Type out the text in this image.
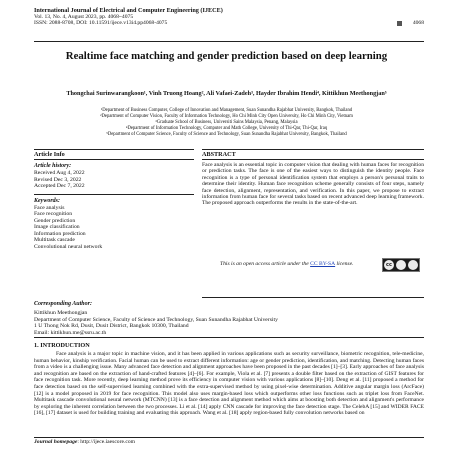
International Journal of Electrical and Computer Engineering (IJECE)
Vol. 13, No. 4, August 2023, pp. 4068~4075
ISSN: 2088-8708, DOI: 10.11591/ijece.v13i4.pp4068-4075	4068
Realtime face matching and gender prediction based on deep learning
Thongchai Surinwarangkoon¹, Vinh Truong Hoang², Ali Vafaei-Zadeh³, Hayder Ibrahim Hendi⁴, Kittikhun Meethongjan⁵
¹Department of Business Computer, College of Innovation and Management, Suan Sunandha Rajabhat University, Bangkok, Thailand
²Department of Computer Vision, Faculty of Information Technology, Ho Chi Minh City Open University, Ho Chi Minh City, Vietnam
³Graduate School of Business, Universiti Sains Malaysia, Penang, Malaysia
⁴Department of Information Technology, Computer and Math College, University of Thi-Qar, Thi-Qar, Iraq
⁵Department of Computer Science, Faculty of Science and Technology, Suan Sunandha Rajabhat University, Bangkok, Thailand
Article Info
Article history:
Received Aug 4, 2022
Revised Dec 3, 2022
Accepted Dec 7, 2022
Keywords:
Face analysis
Face recognition
Gender prediction
Image classification
Information prediction
Multitask cascade
Convolutional neural network
ABSTRACT
Face analysis is an essential topic in computer vision that dealing with human faces for recognition or prediction tasks. The face is one of the easiest ways to distinguish the identity people. Face recognition is a type of personal identification system that employs a person's personal traits to determine their identity. Human face recognition scheme generally consists of four steps, namely face detection, alignment, representation, and verification. In this paper, we propose to extract information from human face for several tasks based on recent advanced deep learning framework. The proposed approach outperforms the results in the state-of-the-art.
This is an open access article under the CC BY-SA license.	cc
Corresponding Author:
Kittikhun Meethongjan
Department of Computer Science, Faculty of Science and Technology, Suan Sunandha Rajabhat University
1 U Thong Nok Rd, Dusit, Dusit District, Bangkok 10300, Thailand
Email: kittikhun.me@ssru.ac.th
1. INTRODUCTION

Face analysis is a major topic in machine vision, and it has been applied in various applications such as security surveillance, biometric recognition, tele-medicine, human behavior, kinship verification. Facial human can be used to extract different information: age or gender prediction, identification, and matching. Detecting human faces from a video is a challenging issue. Many advanced face detection and alignment approaches have been proposed in the past decades [1]–[3]. Early approaches of face analysis and recognition are based on the extraction of hand-crafted features [4]–[6]. For example, Viola et al. [7] presents a double filter based on the extraction of GIST features for face recognition task. More recently, deep learning method prove its efficiency in computer vision with various applications [8]–[10]. Deng et al. [11] proposed a method for face detection based on the self-supervised learning combined with the extra-supervised method by using pixel-wise determination. Additive angular margin loss (ArcFace) [12] is a model proposed in 2019 for face recognition. This model also uses margin-based loss which outperforms other loss functions such as triplet loss from FaceNet. Multitask cascade convolutional neural network (MTCNN) [13] is a face detection and alignment method which aims at boosting both detection and alignment's performance by exploring the inherent correlation between the two processes. Li et al. [14] apply CNN cascade for improving the face detection stage. The CelebA [15] and WIDER FACE [16], [17] dataset is used for building training and evaluating this approach. Wang et al. [18] apply region-based fully convolution networks based on

Journal homepage: http://ijece.iaescore.com
